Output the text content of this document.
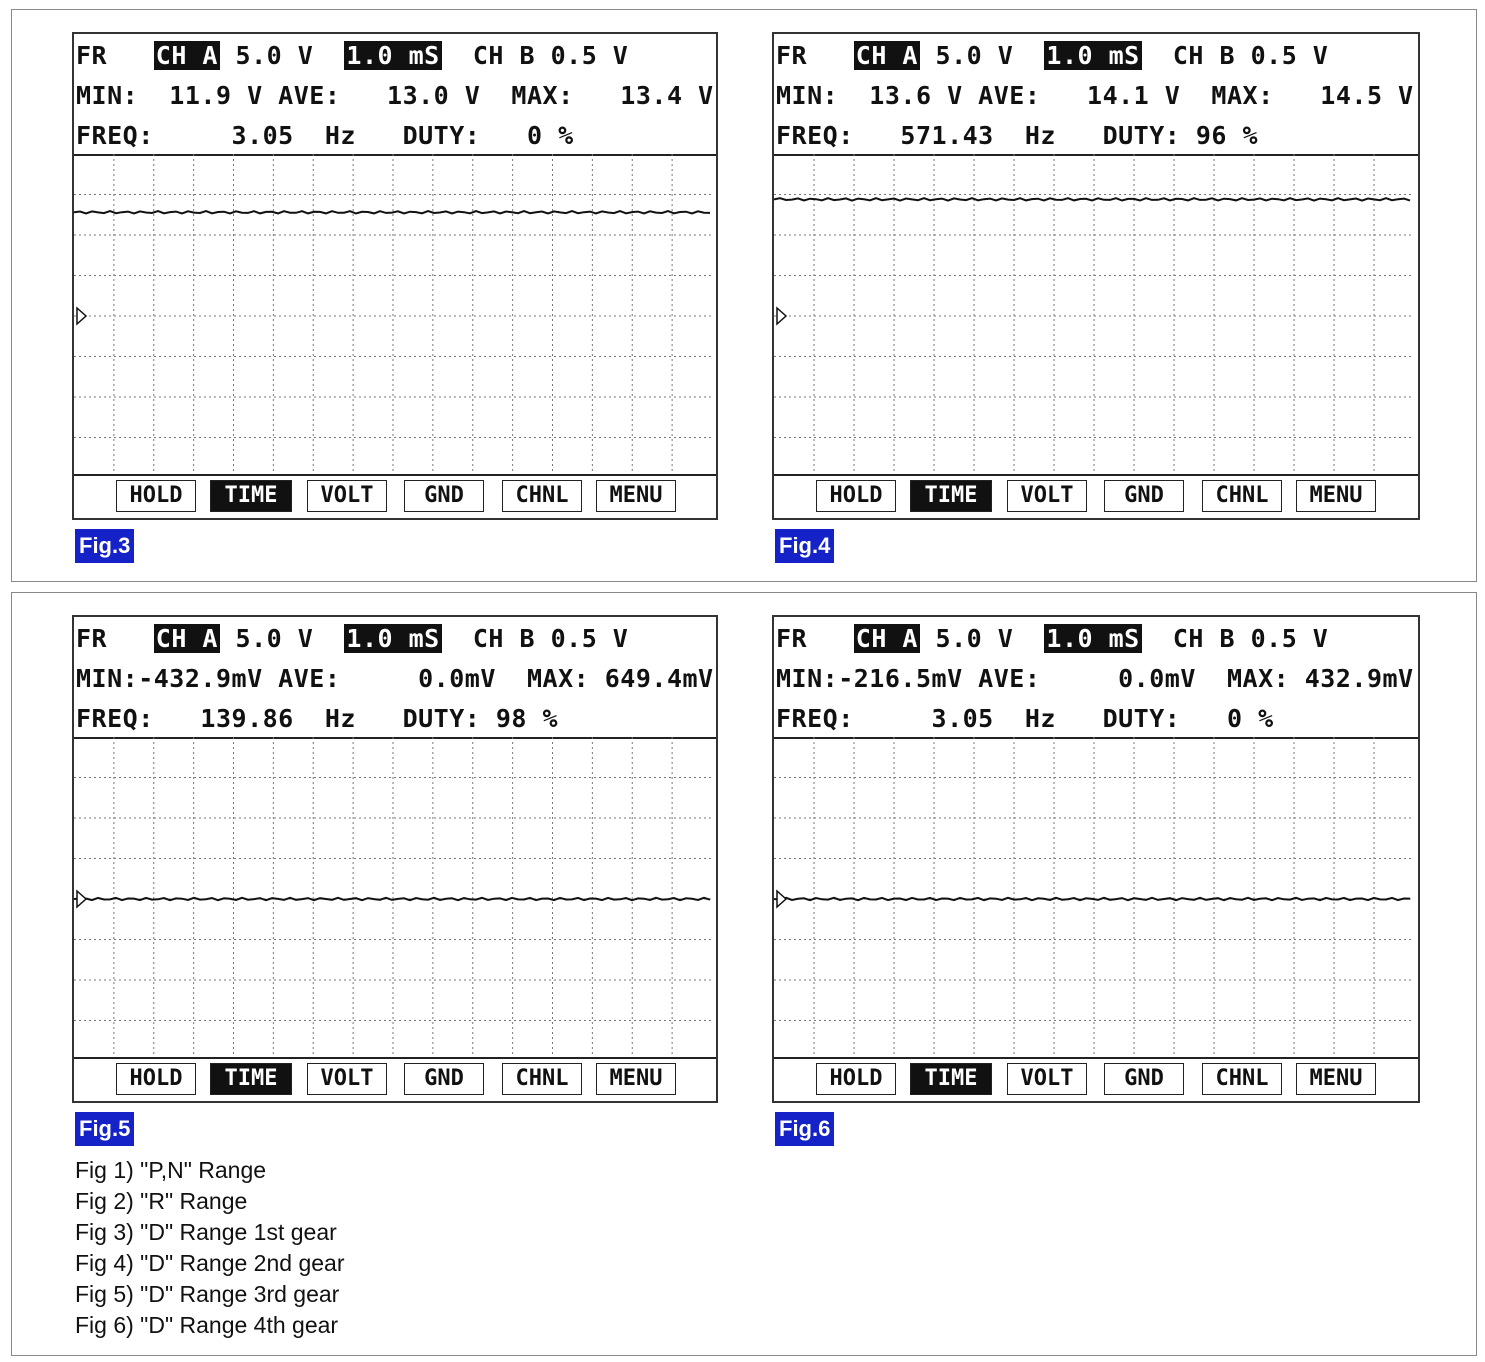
FR CH A 5.0 V 1.0 mS CH B 0.5 V
MIN:  11.9 V AVE:   13.0 V  MAX:   13.4 V
FREQ:     3.05  Hz   DUTY:   0 %
HOLD	TIME	VOLT	GND	CHNL	MENU
FR CH A 5.0 V 1.0 mS CH B 0.5 V
MIN:  13.6 V AVE:   14.1 V  MAX:   14.5 V
FREQ:   571.43  Hz   DUTY: 96 %
HOLD	TIME	VOLT	GND	CHNL	MENU
FR CH A 5.0 V 1.0 mS CH B 0.5 V
MIN:-432.9mV AVE:     0.0mV  MAX: 649.4mV
FREQ:   139.86  Hz   DUTY: 98 %
HOLD	TIME	VOLT	GND	CHNL	MENU
FR CH A 5.0 V 1.0 mS CH B 0.5 V
MIN:-216.5mV AVE:     0.0mV  MAX: 432.9mV
FREQ:     3.05  Hz   DUTY:   0 %
HOLD	TIME	VOLT	GND	CHNL	MENU
Fig.3	Fig.4
Fig.5	Fig.6
Fig 1) "P,N" Range
Fig 2) "R" Range
Fig 3) "D" Range 1st gear
Fig 4) "D" Range 2nd gear
Fig 5) "D" Range 3rd gear
Fig 6) "D" Range 4th gear
